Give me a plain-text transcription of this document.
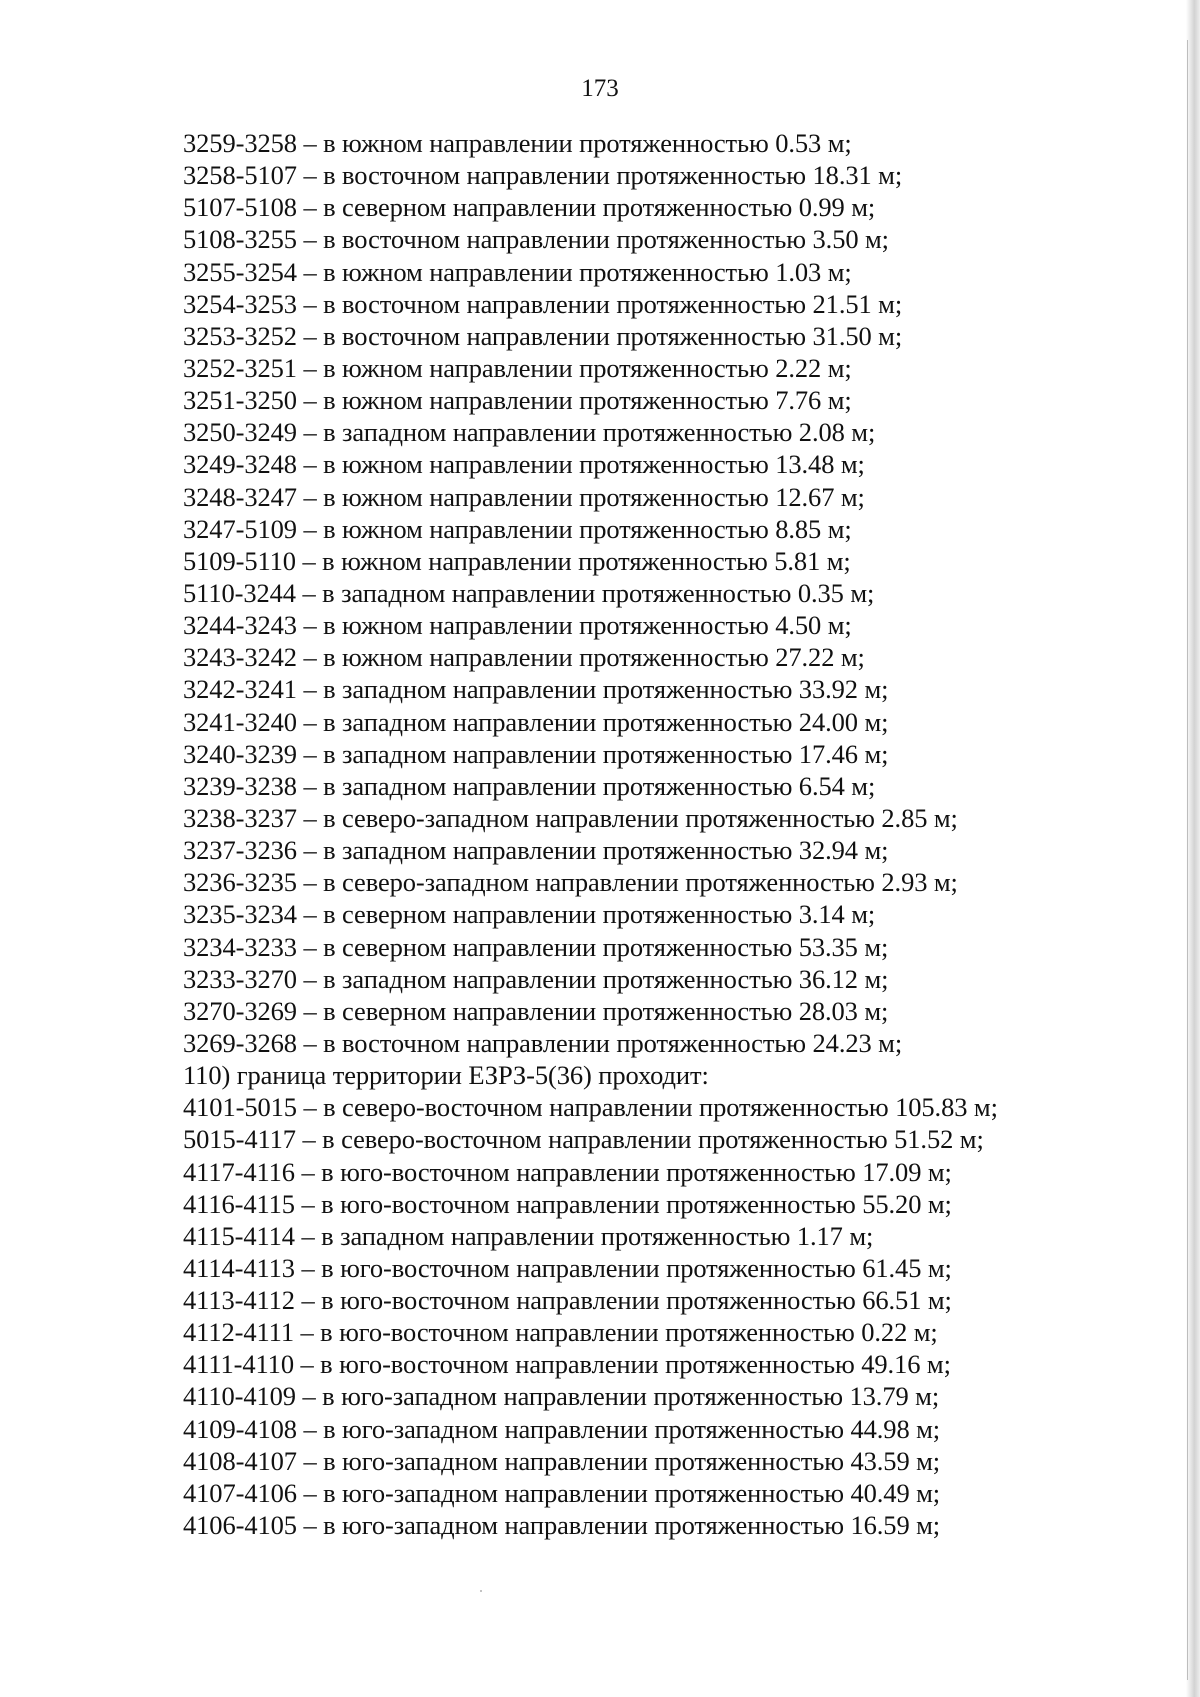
173
3259-3258 – в южном направлении протяженностью 0.53 м;
3258-5107 – в восточном направлении протяженностью 18.31 м;
5107-5108 – в северном направлении протяженностью 0.99 м;
5108-3255 – в восточном направлении протяженностью 3.50 м;
3255-3254 – в южном направлении протяженностью 1.03 м;
3254-3253 – в восточном направлении протяженностью 21.51 м;
3253-3252 – в восточном направлении протяженностью 31.50 м;
3252-3251 – в южном направлении протяженностью 2.22 м;
3251-3250 – в южном направлении протяженностью 7.76 м;
3250-3249 – в западном направлении протяженностью 2.08 м;
3249-3248 – в южном направлении протяженностью 13.48 м;
3248-3247 – в южном направлении протяженностью 12.67 м;
3247-5109 – в южном направлении протяженностью 8.85 м;
5109-5110 – в южном направлении протяженностью 5.81 м;
5110-3244 – в западном направлении протяженностью 0.35 м;
3244-3243 – в южном направлении протяженностью 4.50 м;
3243-3242 – в южном направлении протяженностью 27.22 м;
3242-3241 – в западном направлении протяженностью 33.92 м;
3241-3240 – в западном направлении протяженностью 24.00 м;
3240-3239 – в западном направлении протяженностью 17.46 м;
3239-3238 – в западном направлении протяженностью 6.54 м;
3238-3237 – в северо-западном направлении протяженностью 2.85 м;
3237-3236 – в западном направлении протяженностью 32.94 м;
3236-3235 – в северо-западном направлении протяженностью 2.93 м;
3235-3234 – в северном направлении протяженностью 3.14 м;
3234-3233 – в северном направлении протяженностью 53.35 м;
3233-3270 – в западном направлении протяженностью 36.12 м;
3270-3269 – в северном направлении протяженностью 28.03 м;
3269-3268 – в восточном направлении протяженностью 24.23 м;
110) граница территории ЕЗРЗ-5(36) проходит:
4101-5015 – в северо-восточном направлении протяженностью 105.83 м;
5015-4117 – в северо-восточном направлении протяженностью 51.52 м;
4117-4116 – в юго-восточном направлении протяженностью 17.09 м;
4116-4115 – в юго-восточном направлении протяженностью 55.20 м;
4115-4114 – в западном направлении протяженностью 1.17 м;
4114-4113 – в юго-восточном направлении протяженностью 61.45 м;
4113-4112 – в юго-восточном направлении протяженностью 66.51 м;
4112-4111 – в юго-восточном направлении протяженностью 0.22 м;
4111-4110 – в юго-восточном направлении протяженностью 49.16 м;
4110-4109 – в юго-западном направлении протяженностью 13.79 м;
4109-4108 – в юго-западном направлении протяженностью 44.98 м;
4108-4107 – в юго-западном направлении протяженностью 43.59 м;
4107-4106 – в юго-западном направлении протяженностью 40.49 м;
4106-4105 – в юго-западном направлении протяженностью 16.59 м;
